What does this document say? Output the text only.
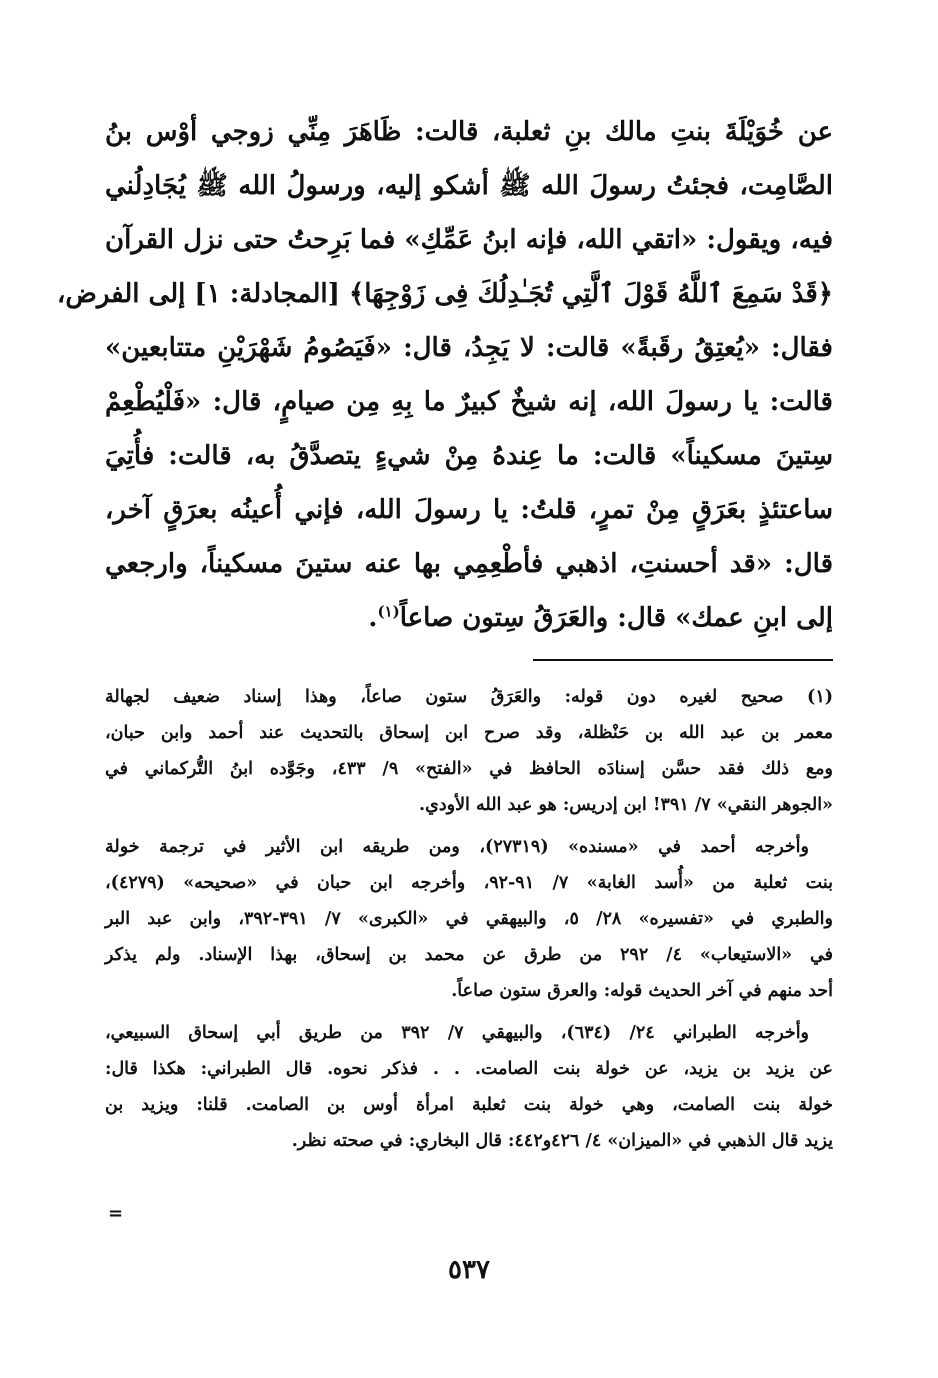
عن خُوَيْلَةَ بنتِ مالك بنِ ثعلبة، قالت: ظَاهَرَ مِنِّي زوجي أوْس بنُ
الصَّامِت، فجئتُ رسولَ الله ﷺ أشكو إليه، ورسولُ الله ﷺ يُجَادِلُني
فيه، ويقول: «اتقي الله، فإنه ابنُ عَمِّكِ» فما بَرِحتُ حتى نزل القرآن
﴿قَدْ سَمِعَ ٱللَّهُ قَوْلَ ٱلَّتِي تُجَـٰدِلُكَ فِى زَوْجِهَا﴾ [المجادلة: ١] إلى الفرض،
فقال: «يُعتِقُ رقَبةً» قالت: لا يَجِدُ، قال: «فَيَصُومُ شَهْرَيْنِ متتابعين»
قالت: يا رسولَ الله، إنه شيخٌ كبيرٌ ما بِهِ مِن صيامٍ، قال: «فَلْيُطْعِمْ
سِتينَ مسكيناً» قالت: ما عِندهُ مِنْ شيءٍ يتصدَّقُ به، قالت: فأُتِيَ
ساعتئذٍ بعَرَقٍ مِنْ تمرٍ، قلتُ: يا رسولَ الله، فإني أُعينُه بعرَقٍ آخر،
قال: «قد أحسنتِ، اذهبي فأطْعِمِي بها عنه ستينَ مسكيناً، وارجعي
إلى ابنِ عمك» قال: والعَرَقُ سِتون صاعاً$^{(١)}$.
(١) صحيح لغيره دون قوله: والعَرَقُ ستون صاعاً، وهذا إسناد ضعيف لجهالة
معمر بن عبد الله بن حَنْظلة، وقد صرح ابن إسحاق بالتحديث عند أحمد وابن حبان،
ومع ذلك فقد حسَّن إسنادَه الحافظ في «الفتح» ٩/ ٤٣٣، وجَوَّده ابنُ التُّركماني في
«الجوهر النقي» ٧/ ٣٩١! ابن إدريس: هو عبد الله الأودي.
وأخرجه أحمد في «مسنده» (٢٧٣١٩)، ومن طريقه ابن الأثير في ترجمة خولة
بنت ثعلبة من «أُسد الغابة» ٧/ ٩١-٩٢، وأخرجه ابن حبان في «صحيحه» (٤٢٧٩)،
والطبري في «تفسيره» ٢٨/ ٥، والبيهقي في «الكبرى» ٧/ ٣٩١-٣٩٢، وابن عبد البر
في «الاستيعاب» ٤/ ٢٩٢ من طرق عن محمد بن إسحاق، بهذا الإسناد. ولم يذكر
أحد منهم في آخر الحديث قوله: والعرق ستون صاعاً.
وأخرجه الطبراني ٢٤/ (٦٣٤)، والبيهقي ٧/ ٣٩٢ من طريق أبي إسحاق السبيعي،
عن يزيد بن يزيد، عن خولة بنت الصامت. . . فذكر نحوه. قال الطبراني: هكذا قال:
خولة بنت الصامت، وهي خولة بنت ثعلبة امرأة أوس بن الصامت. قلنا: ويزيد بن
يزيد قال الذهبي في «الميزان» ٤/ ٤٢٦و٤٤٢: قال البخاري: في صحته نظر.
=
٥٣٧
